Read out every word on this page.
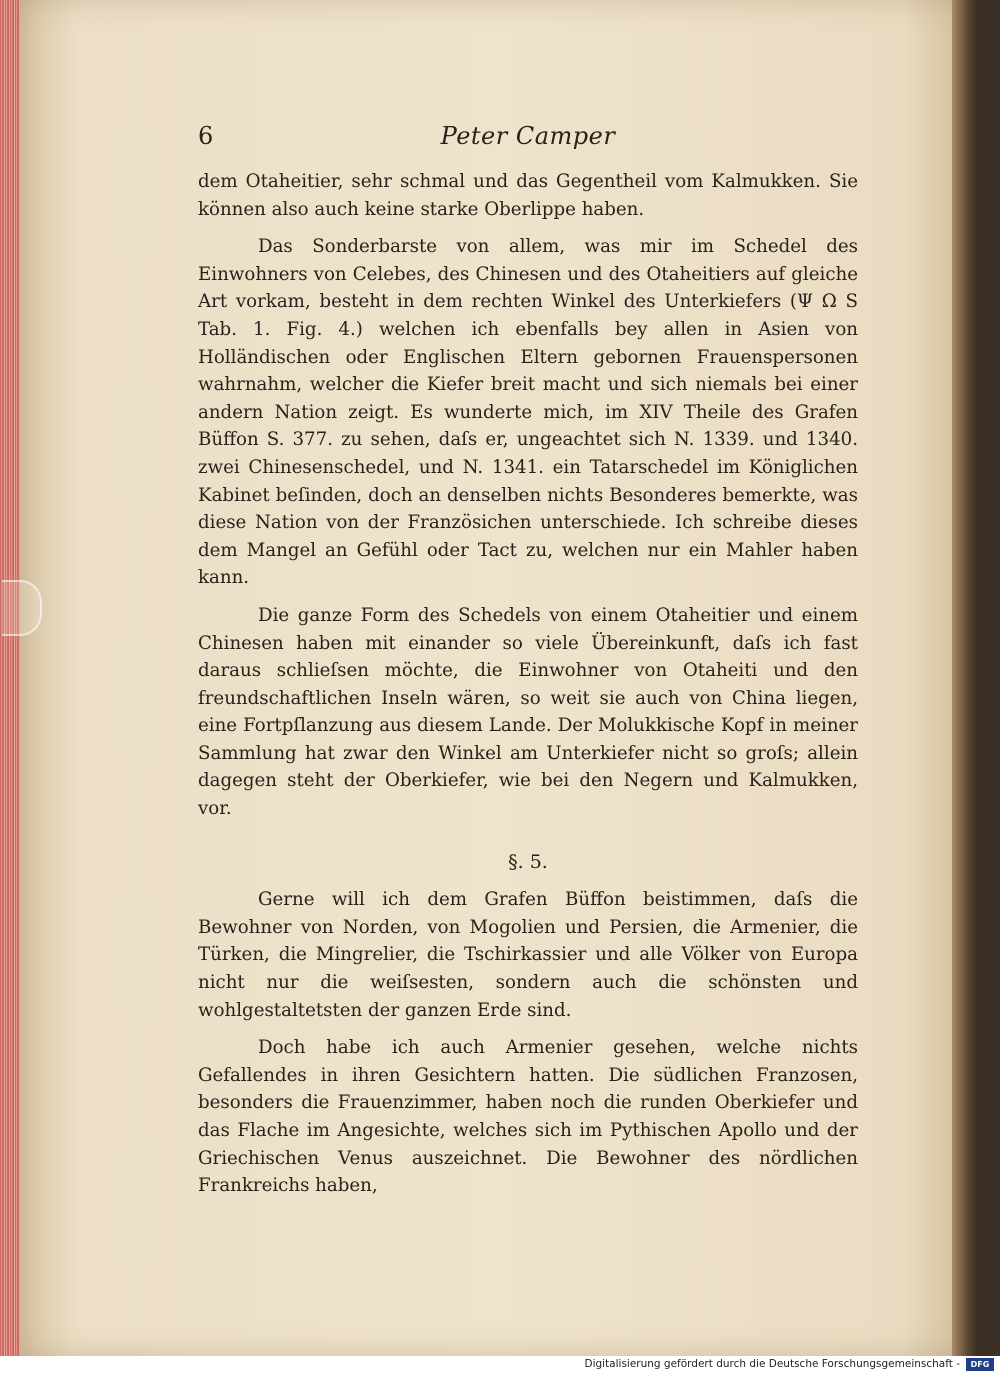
6	Peter Camper

dem Otaheitier, sehr schmal und das Gegentheil vom Kalmukken. Sie können also auch keine starke Oberlippe haben.

Das Sonderbarste von allem, was mir im Schedel des Einwohners von Celebes, des Chinesen und des Otaheitiers auf gleiche Art vorkam, besteht in dem rechten Winkel des Unterkiefers (Ψ Ω S Tab. 1. Fig. 4.) welchen ich ebenfalls bey allen in Asien von Holländischen oder Englischen Eltern gebornen Frauenspersonen wahrnahm, welcher die Kiefer breit macht und sich niemals bei einer andern Nation zeigt. Es wunderte mich, im XIV Theile des Grafen Büffon S. 377. zu sehen, daſs er, ungeachtet sich N. 1339. und 1340. zwei Chinesenschedel, und N. 1341. ein Tatarschedel im Königlichen Kabinet beſinden, doch an denselben nichts Besonderes bemerkte, was diese Nation von der Französichen unterschiede. Ich schreibe dieses dem Mangel an Gefühl oder Tact zu, welchen nur ein Mahler haben kann.

Die ganze Form des Schedels von einem Otaheitier und einem Chinesen haben mit einander so viele Übereinkunft, daſs ich fast daraus schlieſsen möchte, die Einwohner von Otaheiti und den freundschaftlichen Inseln wären, so weit sie auch von China liegen, eine Fortpſlanzung aus diesem Lande. Der Molukkische Kopf in meiner Sammlung hat zwar den Winkel am Unterkiefer nicht so groſs; allein dagegen steht der Oberkiefer, wie bei den Negern und Kalmukken, vor.

§. 5.

Gerne will ich dem Grafen Büffon beistimmen, daſs die Bewohner von Norden, von Mogolien und Persien, die Armenier, die Türken, die Mingrelier, die Tschirkassier und alle Völker von Europa nicht nur die weiſsesten, sondern auch die schönsten und wohlgestaltetsten der ganzen Erde sind.

Doch habe ich auch Armenier gesehen, welche nichts Gefallendes in ihren Gesichtern hatten. Die südlichen Franzosen, besonders die Frauenzimmer, haben noch die runden Oberkiefer und das Flache im Angesichte, welches sich im Pythischen Apollo und der Griechischen Venus auszeichnet. Die Bewohner des nördlichen Frankreichs haben,

Digitalisierung gefördert durch die Deutsche Forschungsgemeinschaft -	DFG
